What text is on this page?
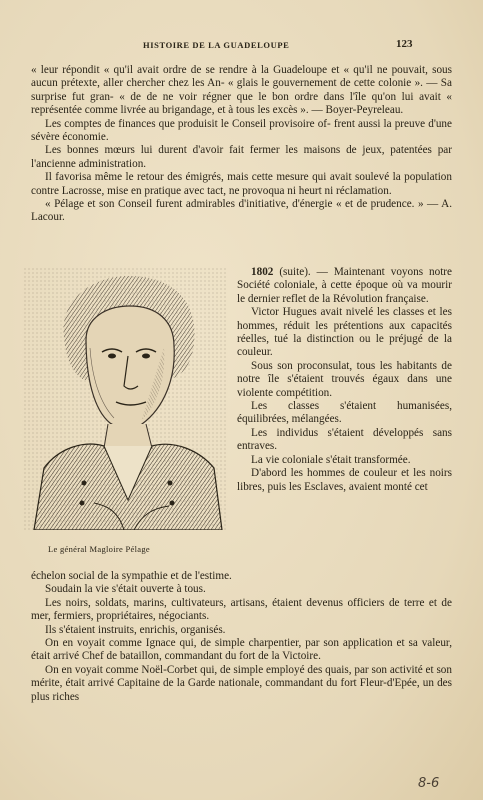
HISTOIRE DE LA GUADELOUPE	123

« leur répondit « qu'il avait ordre de se rendre à la Guadeloupe et « qu'il ne pouvait, sous aucun prétexte, aller chercher chez les An- « glais le gouvernement de cette colonie ». — Sa surprise fut gran- « de de ne voir régner que le bon ordre dans l'île qu'on lui avait « représentée comme livrée au brigandage, et à tous les excès ». — Boyer-Peyreleau.

Les comptes de finances que produisit le Conseil provisoire of- frent aussi la preuve d'une sévère économie.

Les bonnes mœurs lui durent d'avoir fait fermer les maisons de jeux, patentées par l'ancienne administration.

Il favorisa même le retour des émigrés, mais cette mesure qui avait soulevé la population contre Lacrosse, mise en pratique avec tact, ne provoqua ni heurt ni réclamation.

« Pélage et son Conseil furent admirables d'initiative, d'énergie « et de prudence. » — A. Lacour.

Le général Magloire Pélage

1802 (suite). — Maintenant voyons notre Société coloniale, à cette époque où va mourir le dernier reflet de la Révolution française.

Victor Hugues avait nivelé les classes et les hommes, réduit les prétentions aux capacités réelles, tué la distinction ou le préjugé de la couleur.

Sous son proconsulat, tous les habitants de notre île s'étaient trouvés égaux dans une violente compétition.

Les classes s'étaient humanisées, équilibrées, mélangées.

Les individus s'étaient développés sans entraves.

La vie coloniale s'était transformée.

D'abord les hommes de couleur et les noirs libres, puis les Esclaves, avaient monté cet

échelon social de la sympathie et de l'estime.

Soudain la vie s'était ouverte à tous.

Les noirs, soldats, marins, cultivateurs, artisans, étaient devenus officiers de terre et de mer, fermiers, propriétaires, négociants.

Ils s'étaient instruits, enrichis, organisés.

On en voyait comme Ignace qui, de simple charpentier, par son application et sa valeur, était arrivé Chef de bataillon, commandant du fort de la Victoire.

On en voyait comme Noël-Corbet qui, de simple employé des quais, par son activité et son mérite, était arrivé Capitaine de la Garde nationale, commandant du fort Fleur-d'Epée, un des plus riches

8-6
